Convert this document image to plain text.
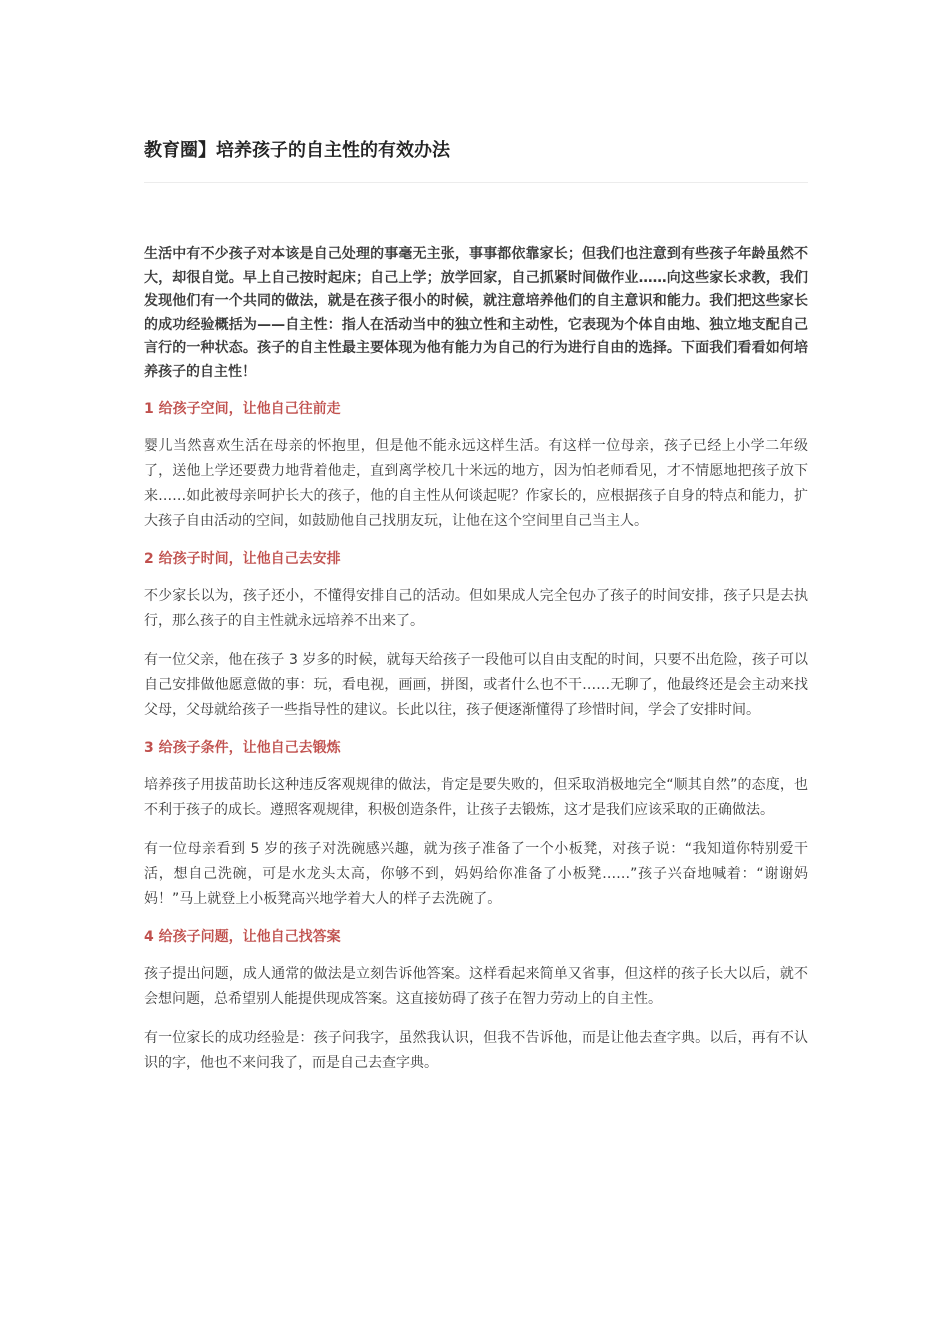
教育圈】培养孩子的自主性的有效办法

生活中有不少孩子对本该是自己处理的事毫无主张，事事都依靠家长；但我们也注意到有些孩子年龄虽然不大，却很自觉。早上自己按时起床；自己上学；放学回家，自己抓紧时间做作业……向这些家长求教，我们发现他们有一个共同的做法，就是在孩子很小的时候，就注意培养他们的自主意识和能力。我们把这些家长的成功经验概括为——自主性：指人在活动当中的独立性和主动性，它表现为个体自由地、独立地支配自己言行的一种状态。孩子的自主性最主要体现为他有能力为自己的行为进行自由的选择。下面我们看看如何培养孩子的自主性！

1 给孩子空间，让他自己往前走

婴儿当然喜欢生活在母亲的怀抱里，但是他不能永远这样生活。有这样一位母亲，孩子已经上小学二年级了，送他上学还要费力地背着他走，直到离学校几十米远的地方，因为怕老师看见，才不情愿地把孩子放下来……如此被母亲呵护长大的孩子，他的自主性从何谈起呢？作家长的，应根据孩子自身的特点和能力，扩大孩子自由活动的空间，如鼓励他自己找朋友玩，让他在这个空间里自己当主人。

2 给孩子时间，让他自己去安排

不少家长以为，孩子还小，不懂得安排自己的活动。但如果成人完全包办了孩子的时间安排，孩子只是去执行，那么孩子的自主性就永远培养不出来了。

有一位父亲，他在孩子 3 岁多的时候，就每天给孩子一段他可以自由支配的时间，只要不出危险，孩子可以自己安排做他愿意做的事：玩，看电视，画画，拼图，或者什么也不干……无聊了，他最终还是会主动来找父母，父母就给孩子一些指导性的建议。长此以往，孩子便逐渐懂得了珍惜时间，学会了安排时间。

3 给孩子条件，让他自己去锻炼

培养孩子用拔苗助长这种违反客观规律的做法，肯定是要失败的，但采取消极地完全“顺其自然”的态度，也不利于孩子的成长。遵照客观规律，积极创造条件，让孩子去锻炼，这才是我们应该采取的正确做法。

有一位母亲看到 5 岁的孩子对洗碗感兴趣，就为孩子准备了一个小板凳，对孩子说：“我知道你特别爱干活，想自己洗碗，可是水龙头太高，你够不到，妈妈给你准备了小板凳……”孩子兴奋地喊着：“谢谢妈妈！”马上就登上小板凳高兴地学着大人的样子去洗碗了。

4 给孩子问题，让他自己找答案

孩子提出问题，成人通常的做法是立刻告诉他答案。这样看起来简单又省事，但这样的孩子长大以后，就不会想问题，总希望别人能提供现成答案。这直接妨碍了孩子在智力劳动上的自主性。

有一位家长的成功经验是：孩子问我字，虽然我认识，但我不告诉他，而是让他去查字典。以后，再有不认识的字，他也不来问我了，而是自己去查字典。
